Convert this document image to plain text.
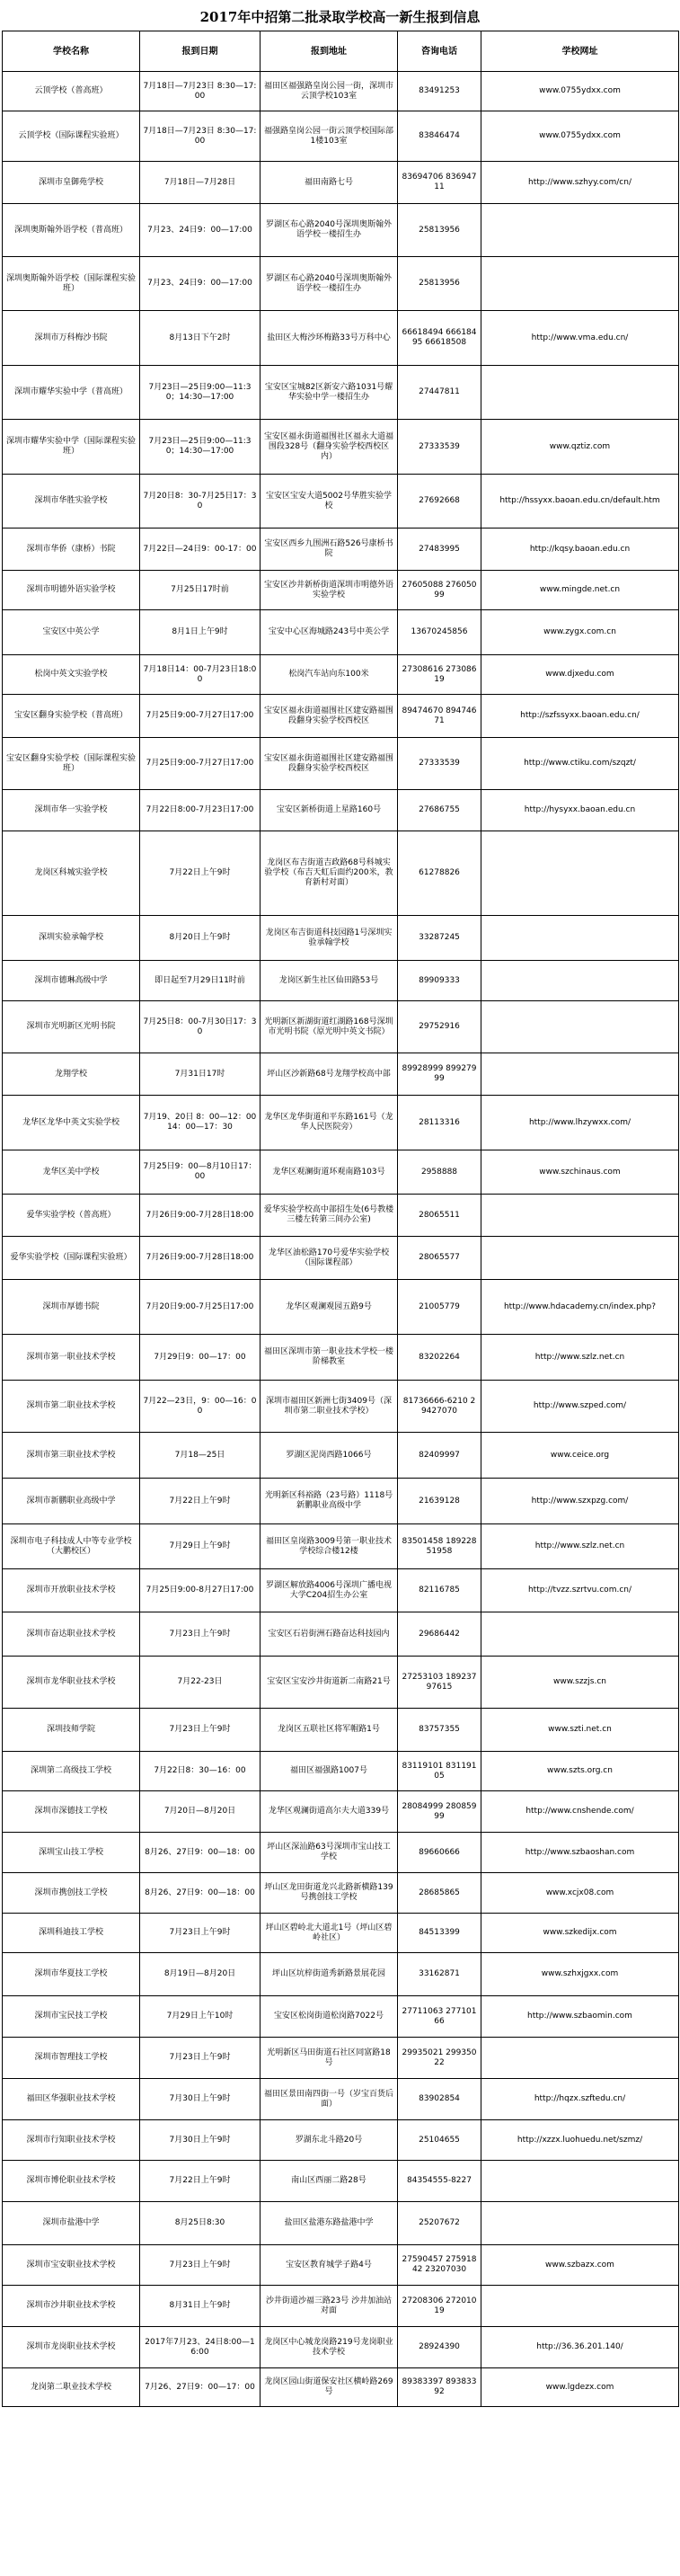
2017年中招第二批录取学校高一新生报到信息
学校名称	报到日期	报到地址	咨询电话	学校网址
云顶学校（普高班）	7月18日—7月23日 8:30—17:00	福田区福强路皇岗公园一街，深圳市云顶学校103室	83491253	www.0755ydxx.com
云顶学校（国际课程实验班）	7月18日—7月23日 8:30—17:00	福强路皇岗公园一街云顶学校国际部1楼103室	83846474	www.0755ydxx.com
深圳市皇御苑学校	7月18日—7月28日	福田南路七号	83694706 83694711	http://www.szhyy.com/cn/
深圳奥斯翰外语学校（普高班）	7月23、24日9：00—17:00	罗湖区布心路2040号深圳奥斯翰外语学校一楼招生办	25813956	
深圳奥斯翰外语学校（国际课程实验班）	7月23、24日9：00—17:00	罗湖区布心路2040号深圳奥斯翰外语学校一楼招生办	25813956	
深圳市万科梅沙书院	8月13日下午2时	盐田区大梅沙环梅路33号万科中心	66618494 66618495 66618508	http://www.vma.edu.cn/
深圳市耀华实验中学（普高班）	7月23日—25日9:00—11:30；14:30—17:00	宝安区宝城82区新安六路1031号耀华实验中学一楼招生办	27447811	
深圳市耀华实验中学（国际课程实验班）	7月23日—25日9:00—11:30；14:30—17:00	宝安区福永街道福围社区福永大道福围段328号（翻身实验学校西校区内）	27333539	www.qztiz.com
深圳市华胜实验学校	7月20日8：30-7月25日17：30	宝安区宝安大道5002号华胜实验学校	27692668	http://hssyxx.baoan.edu.cn/default.htm
深圳市华侨（康桥）书院	7月22日—24日9：00-17：00	宝安区西乡九围洲石路526号康桥书院	27483995	http://kqsy.baoan.edu.cn
深圳市明德外语实验学校	7月25日17时前	宝安区沙井新桥街道深圳市明德外语实验学校	27605088 27605099	www.mingde.net.cn
宝安区中英公学	8月1日上午9时	宝安中心区海城路243号中英公学	13670245856	www.zygx.com.cn
松岗中英文实验学校	7月18日14：00-7月23日18:00	松岗汽车站向东100米	27308616 27308619	www.djxedu.com
宝安区翻身实验学校（普高班）	7月25日9:00-7月27日17:00	宝安区福永街道福围社区建安路福围段翻身实验学校西校区	89474670 89474671	http://szfssyxx.baoan.edu.cn/
宝安区翻身实验学校（国际课程实验班）	7月25日9:00-7月27日17:00	宝安区福永街道福围社区建安路福围段翻身实验学校西校区	27333539	http://www.ctiku.com/szqzt/
深圳市华一实验学校	7月22日8:00-7月23日17:00	宝安区新桥街道上星路160号	27686755	http://hysyxx.baoan.edu.cn
龙岗区科城实验学校	7月22日上午9时	龙岗区布吉街道吉政路68号科城实验学校（布吉天虹后面约200米，教育新村对面）	61278826	
深圳实验承翰学校	8月20日上午9时	龙岗区布吉街道科技园路1号深圳实验承翰学校	33287245	
深圳市德琳高级中学	即日起至7月29日11时前	龙岗区新生社区仙田路53号	89909333	
深圳市光明新区光明书院	7月25日8：00-7月30日17：30	光明新区新湖街道红湖路168号深圳市光明书院（原光明中英文书院）	29752916	
龙翔学校	7月31日17时	坪山区沙新路68号龙翔学校高中部	89928999 89927999	
龙华区龙华中英文实验学校	7月19、20日 8：00—12：00 14：00—17：30	龙华区龙华街道和平东路161号（龙华人民医院旁）	28113316	http://www.lhzywxx.com/
龙华区美中学校	7月25日9：00—8月10日17：00	龙华区观澜街道环观南路103号	2958888	www.szchinaus.com
爱华实验学校（普高班）	7月26日9:00-7月28日18:00	爱华实验学校高中部招生处(6号教楼三楼左转第三间办公室)	28065511	
爱华实验学校（国际课程实验班）	7月26日9:00-7月28日18:00	龙华区油松路170号爱华实验学校（国际课程部）	28065577	
深圳市厚德书院	7月20日9:00-7月25日17:00	龙华区观澜观园五路9号	21005779	http://www.hdacademy.cn/index.php?
深圳市第一职业技术学校	7月29日9：00—17：00	福田区深圳市第一职业技术学校一楼阶梯教室	83202264	http://www.szlz.net.cn
深圳市第二职业技术学校	7月22—23日，9：00—16：00	深圳市福田区新洲七街3409号（深圳市第二职业技术学校）	81736666-6210 29427070	http://www.szped.com/
深圳市第三职业技术学校	7月18—25日	罗湖区泥岗西路1066号	82409997	www.ceice.org
深圳市新鹏职业高级中学	7月22日上午9时	光明新区科裕路（23号路）1118号新鹏职业高级中学	21639128	http://www.szxpzg.com/
深圳市电子科技成人中等专业学校（大鹏校区）	7月29日上午9时	福田区皇岗路3009号第一职业技术学校综合楼12楼	83501458 18922851958	http://www.szlz.net.cn
深圳市开放职业技术学校	7月25日9:00-8月27日17:00	罗湖区解放路4006号深圳广播电视大学C204招生办公室	82116785	http://tvzz.szrtvu.com.cn/
深圳市奋达职业技术学校	7月23日上午9时	宝安区石岩街洲石路奋达科技园内	29686442	
深圳市龙华职业技术学校	7月22-23日	宝安区宝安沙井街道新二南路21号	27253103 18923797615	www.szzjs.cn
深圳技师学院	7月23日上午9时	龙岗区五联社区将军帽路1号	83757355	www.szti.net.cn
深圳第二高级技工学校	7月22日8：30—16：00	福田区福强路1007号	83119101 83119105	www.szts.org.cn
深圳市深德技工学校	7月20日—8月20日	龙华区观澜街道高尔夫大道339号	28084999 28085999	http://www.cnshende.com/
深圳宝山技工学校	8月26、27日9：00—18：00	坪山区深汕路63号深圳市宝山技工学校	89660666	http://www.szbaoshan.com
深圳市携创技工学校	8月26、27日9：00—18：00	坪山区龙田街道龙兴北路新横路139号携创技工学校	28685865	www.xcjx08.com
深圳科迪技工学校	7月23日上午9时	坪山区碧岭北大道北1号（坪山区碧岭社区）	84513399	www.szkedijx.com
深圳市华夏技工学校	8月19日—8月20日	坪山区坑梓街道秀新路景展花园	33162871	www.szhxjgxx.com
深圳市宝民技工学校	7月29日上午10时	宝安区松岗街道松岗路7022号	27711063 27710166	http://www.szbaomin.com
深圳市智理技工学校	7月23日上午9时	光明新区马田街道石社区同富路18号	29935021 29935022	
福田区华强职业技术学校	7月30日上午9时	福田区景田南四街一号（岁宝百货后面）	83902854	http://hqzx.szftedu.cn/
深圳市行知职业技术学校	7月30日上午9时	罗湖东北斗路20号	25104655	http://xzzx.luohuedu.net/szmz/
深圳市博伦职业技术学校	7月22日上午9时	南山区西丽二路28号	84354555-8227	
深圳市盐港中学	8月25日8:30	盐田区盐港东路盐港中学	25207672	
深圳市宝安职业技术学校	7月23日上午9时	宝安区教育城学子路4号	27590457 27591842 23207030	www.szbazx.com
深圳市沙井职业技术学校	8月31日上午9时	沙井街道沙福三路23号 沙井加油站对面	27208306 27201019	
深圳市龙岗职业技术学校	2017年7月23、24日8:00—16:00	龙岗区中心城龙岗路219号龙岗职业技术学校	28924390	http://36.36.201.140/
龙岗第二职业技术学校	7月26、27日9：00—17：00	龙岗区园山街道保安社区横岭路269号	89383397 89383392	www.lgdezx.com
